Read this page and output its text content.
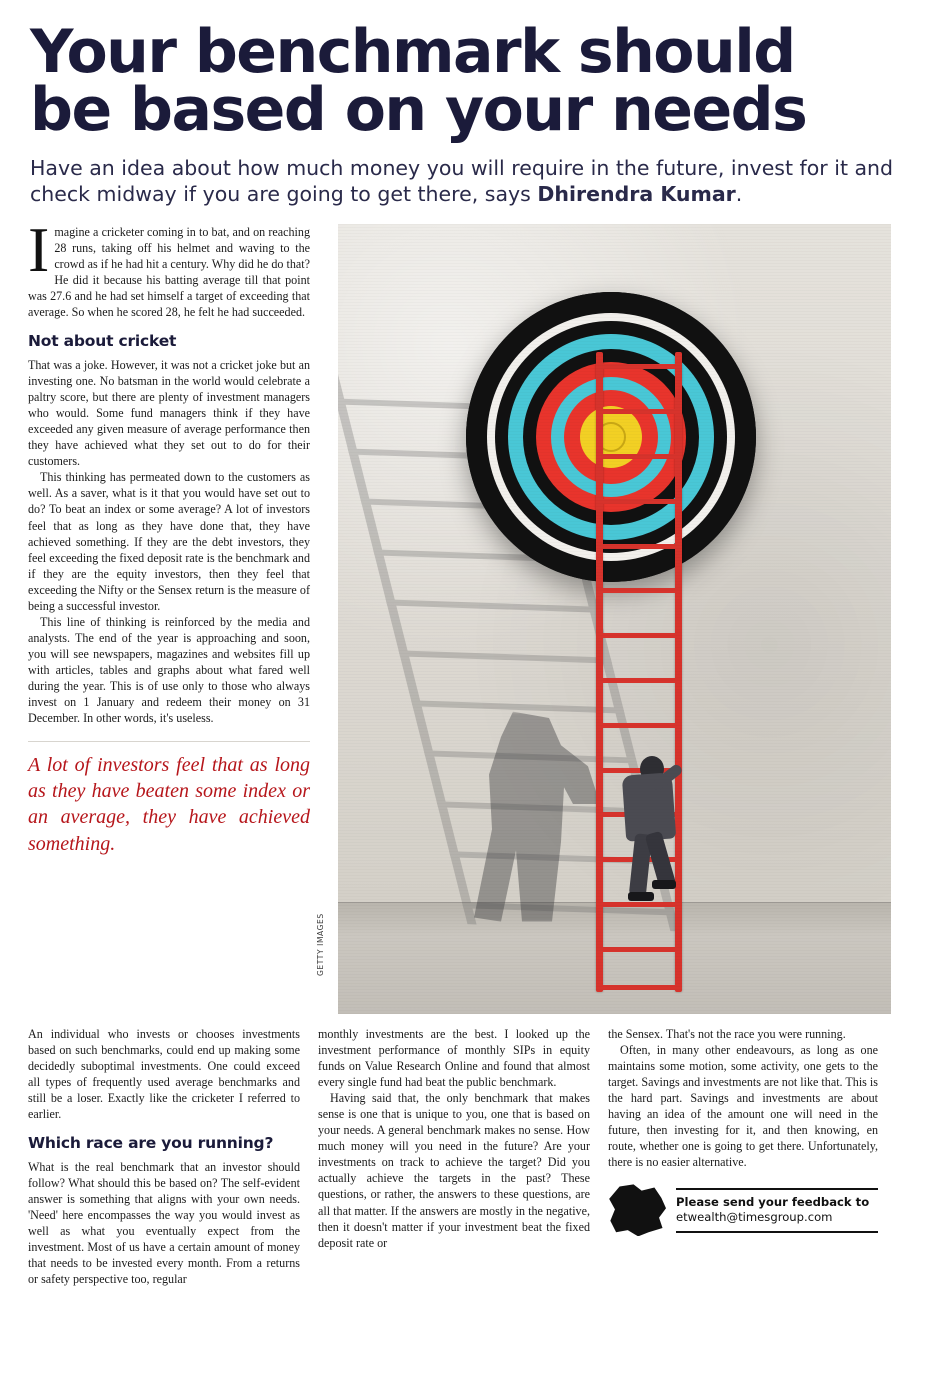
Your benchmark should
be based on your needs

Have an idea about how much money you will require in the future, invest for it and check midway if you are going to get there, says Dhirendra Kumar.

Imagine a cricketer coming in to bat, and on reaching 28 runs, taking off his helmet and waving to the crowd as if he had hit a century. Why did he do that? He did it because his batting average till that point was 27.6 and he had set himself a target of exceeding that average. So when he scored 28, he felt he had succeeded.

Not about cricket

That was a joke. However, it was not a cricket joke but an investing one. No batsman in the world would celebrate a paltry score, but there are plenty of investment managers who would. Some fund managers think if they have exceeded any given measure of average performance then they have achieved what they set out to do for their customers.

This thinking has permeated down to the customers as well. As a saver, what is it that you would have set out to do? To beat an index or some average? A lot of investors feel that as long as they have done that, they have achieved something. If they are the debt investors, they feel exceeding the fixed deposit rate is the benchmark and if they are the equity investors, then they feel that exceeding the Nifty or the Sensex return is the measure of being a successful investor.

This line of thinking is reinforced by the media and analysts. The end of the year is approaching and soon, you will see newspapers, magazines and websites fill up with articles, tables and graphs about what fared well during the year. This is of use only to those who always invest on 1 January and redeem their money on 31 December. In other words, it's useless.

A lot of investors feel that as long as they have beaten some index or an average, they have achieved something.
GETTY IMAGES

An individual who invests or chooses investments based on such benchmarks, could end up making some decidedly suboptimal investments. One could exceed all types of frequently used average benchmarks and still be a loser. Exactly like the cricketer I referred to earlier.

Which race are you running?

What is the real benchmark that an investor should follow? What should this be based on? The self-evident answer is something that aligns with your own needs. 'Need' here encompasses the way you would invest as well as what you eventually expect from the investment. Most of us have a certain amount of money that needs to be invested every month. From a returns or safety perspective too, regular

monthly investments are the best. I looked up the investment performance of monthly SIPs in equity funds on Value Research Online and found that almost every single fund had beat the public benchmark.

Having said that, the only benchmark that makes sense is one that is unique to you, one that is based on your needs. A general benchmark makes no sense. How much money will you need in the future? Are your investments on track to achieve the target? Did you actually achieve the targets in the past? These questions, or rather, the answers to these questions, are all that matter. If the answers are mostly in the negative, then it doesn't matter if your investment beat the fixed deposit rate or

the Sensex. That's not the race you were running.

Often, in many other endeavours, as long as one maintains some motion, some activity, one gets to the target. Savings and investments are not like that. This is the hard part. Savings and investments are about having an idea of the amount one will need in the future, then investing for it, and then knowing, en route, whether one is going to get there. Unfortunately, there is no easier alternative.

Please send your feedback to
etwealth@timesgroup.com
